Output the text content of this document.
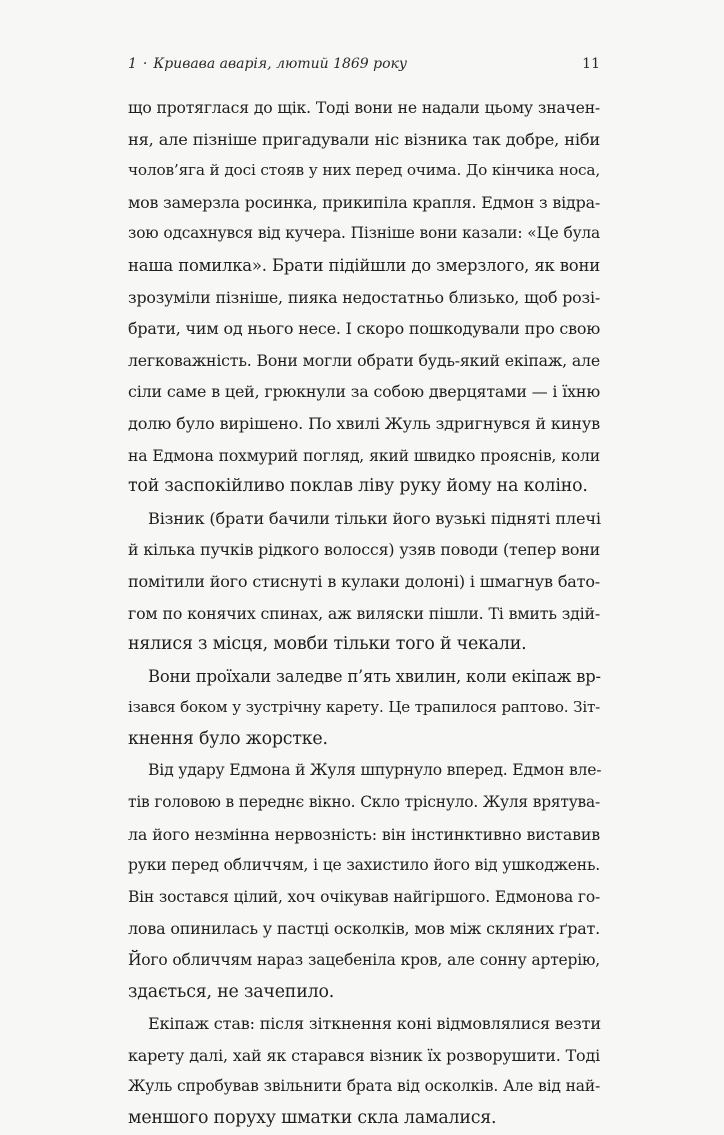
1 · Кривава аварія, лютий 1869 року	11

що протяглася до щік. Тоді вони не надали цьому значен-
ня, але пізніше пригадували ніс візника так добре, ніби
чолов’яга й досі стояв у них перед очима. До кінчика носа,
мов замерзла росинка, прикипіла крапля. Едмон з відра-
зою одсахнувся від кучера. Пізніше вони казали: «Це була
наша помилка». Брати підійшли до змерзлого, як вони
зрозуміли пізніше, пияка недостатньо близько, щоб розі-
брати, чим од нього несе. І скоро пошкодували про свою
легковажність. Вони могли обрати будь-який екіпаж, але
сіли саме в цей, грюкнули за собою дверцятами — і їхню
долю було вирішено. По хвилі Жуль здригнувся й кинув
на Едмона похмурий погляд, який швидко прояснів, коли
той заспокійливо поклав ліву руку йому на коліно.

Візник (брати бачили тільки його вузькі підняті плечі
й кілька пучків рідкого волосся) узяв поводи (тепер вони
помітили його стиснуті в кулаки долоні) і шмагнув бато-
гом по конячих спинах, аж виляски пішли. Ті вмить здій-
нялися з місця, мовби тільки того й чекали.

Вони проїхали заледве п’ять хвилин, коли екіпаж вр-
ізався боком у зустрічну карету. Це трапилося раптово. Зіт-
кнення було жорстке.

Від удару Едмона й Жуля шпурнуло вперед. Едмон вле-
тів головою в переднє вікно. Скло тріснуло. Жуля врятува-
ла його незмінна нервозність: він інстинктивно виставив
руки перед обличчям, і це захистило його від ушкоджень.
Він зостався цілий, хоч очікував найгіршого. Едмонова го-
лова опинилась у пастці осколків, мов між скляних ґрат.
Його обличчям нараз зацебеніла кров, але сонну артерію,
здається, не зачепило.

Екіпаж став: після зіткнення коні відмовлялися везти
карету далі, хай як старався візник їх розворушити. Тоді
Жуль спробував звільнити брата від осколків. Але від най-
меншого поруху шматки скла ламалися.
